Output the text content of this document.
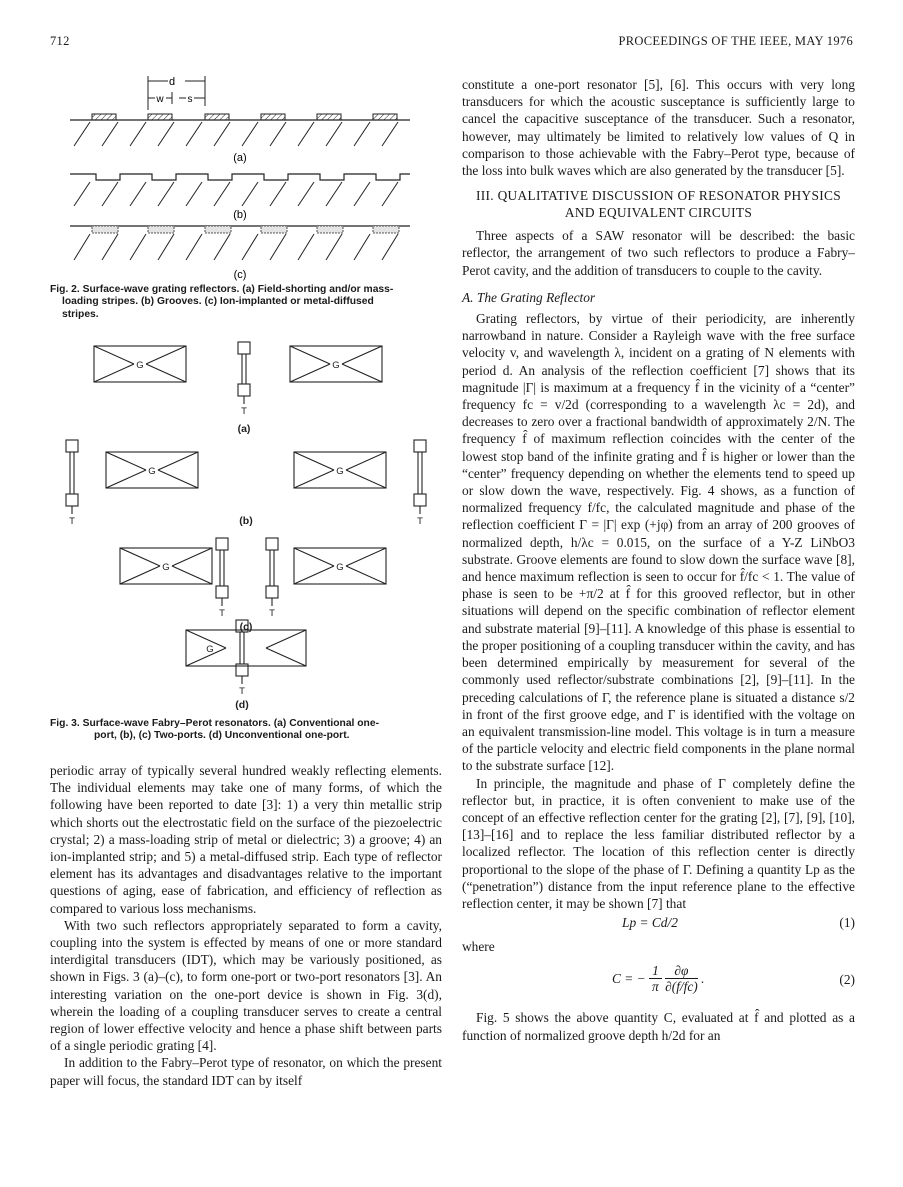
712	PROCEEDINGS OF THE IEEE, MAY 1976
d
w s
(a)
(b)
(c)

Fig. 2. Surface-wave grating reflectors. (a) Field-shorting and/or mass-

loading stripes. (b) Grooves. (c) Ion-implanted or metal-diffused

stripes.

G	G
T
G	G
T	T
G	G
T	T
G
T
(a)
(b)
(c)
(d)

Fig. 3. Surface-wave Fabry–Perot resonators. (a) Conventional one-

port, (b), (c) Two-ports. (d) Unconventional one-port.

periodic array of typically several hundred weakly reflecting elements. The individual elements may take one of many forms, of which the following have been reported to date [3]: 1) a very thin metallic strip which shorts out the electrostatic field on the surface of the piezoelectric crystal; 2) a mass-loading strip of metal or dielectric; 3) a groove; 4) an ion-implanted strip; and 5) a metal-diffused strip. Each type of reflector element has its advantages and disadvantages relative to the important questions of aging, ease of fabrication, and efficiency of reflection as compared to various loss mechanisms.

With two such reflectors appropriately separated to form a cavity, coupling into the system is effected by means of one or more standard interdigital transducers (IDT), which may be variously positioned, as shown in Figs. 3 (a)–(c), to form one-port or two-port resonators [3]. An interesting variation on the one-port device is shown in Fig. 3(d), wherein the loading of a coupling transducer serves to create a central region of lower effective velocity and hence a phase shift between parts of a single periodic grating [4].

In addition to the Fabry–Perot type of resonator, on which the present paper will focus, the standard IDT can by itself

constitute a one-port resonator [5], [6]. This occurs with very long transducers for which the acoustic susceptance is sufficiently large to cancel the capacitive susceptance of the transducer. Such a resonator, however, may ultimately be limited to relatively low values of Q in comparison to those achievable with the Fabry–Perot type, because of the loss into bulk waves which are also generated by the transducer [5].

III. QUALITATIVE DISCUSSION OF RESONATOR PHYSICS
AND EQUIVALENT CIRCUITS

Three aspects of a SAW resonator will be described: the basic reflector, the arrangement of two such reflectors to produce a Fabry–Perot cavity, and the addition of transducers to couple to the cavity.

A. The Grating Reflector

Grating reflectors, by virtue of their periodicity, are inherently narrowband in nature. Consider a Rayleigh wave with the free surface velocity v, and wavelength λ, incident on a grating of N elements with period d. An analysis of the reflection coefficient [7] shows that its magnitude |Γ| is maximum at a frequency f̂ in the vicinity of a “center” frequency fc = v/2d (corresponding to a wavelength λc = 2d), and decreases to zero over a fractional bandwidth of approximately 2/N. The frequency f̂ of maximum reflection coincides with the center of the lowest stop band of the infinite grating and f̂ is higher or lower than the “center” frequency depending on whether the elements tend to speed up or slow down the wave, respectively. Fig. 4 shows, as a function of normalized frequency f/fc, the calculated magnitude and phase of the reflection coefficient Γ = |Γ| exp (+jφ) from an array of 200 grooves of normalized depth, h/λc = 0.015, on the surface of a Y-Z LiNbO3 substrate. Groove elements are found to slow down the surface wave [8], and hence maximum reflection is seen to occur for f̂/fc < 1. The value of phase is seen to be +π/2 at f̂ for this grooved reflector, but in other situations will depend on the specific combination of reflector element and substrate material [9]–[11]. A knowledge of this phase is essential to the proper positioning of a coupling transducer within the cavity, and has been determined empirically by measurement for several of the commonly used reflector/substrate combinations [2], [9]–[11]. In the preceding calculations of Γ, the reference plane is situated a distance s/2 in front of the first groove edge, and Γ is identified with the voltage on an equivalent transmission-line model. This voltage is in turn a measure of the particle velocity and electric field components in the plane normal to the substrate surface [12].

In principle, the magnitude and phase of Γ completely define the reflector but, in practice, it is often convenient to make use of the concept of an effective reflection center for the grating [2], [7], [9], [10], [13]–[16] and to replace the less familiar distributed reflector by a localized reflector. The location of this reflection center is directly proportional to the slope of the phase of Γ. Defining a quantity Lp as the (“penetration”) distance from the input reference plane to the effective reflection center, it may be shown [7] that

Lp = Cd/2	(1)

where

C = − $\frac{1}{\pi}$
$\frac{\partial\varphi}{\partial(f/fc)}$ .	(2)

Fig. 5 shows the above quantity C, evaluated at f̂ and plotted as a function of normalized groove depth h/2d for an
